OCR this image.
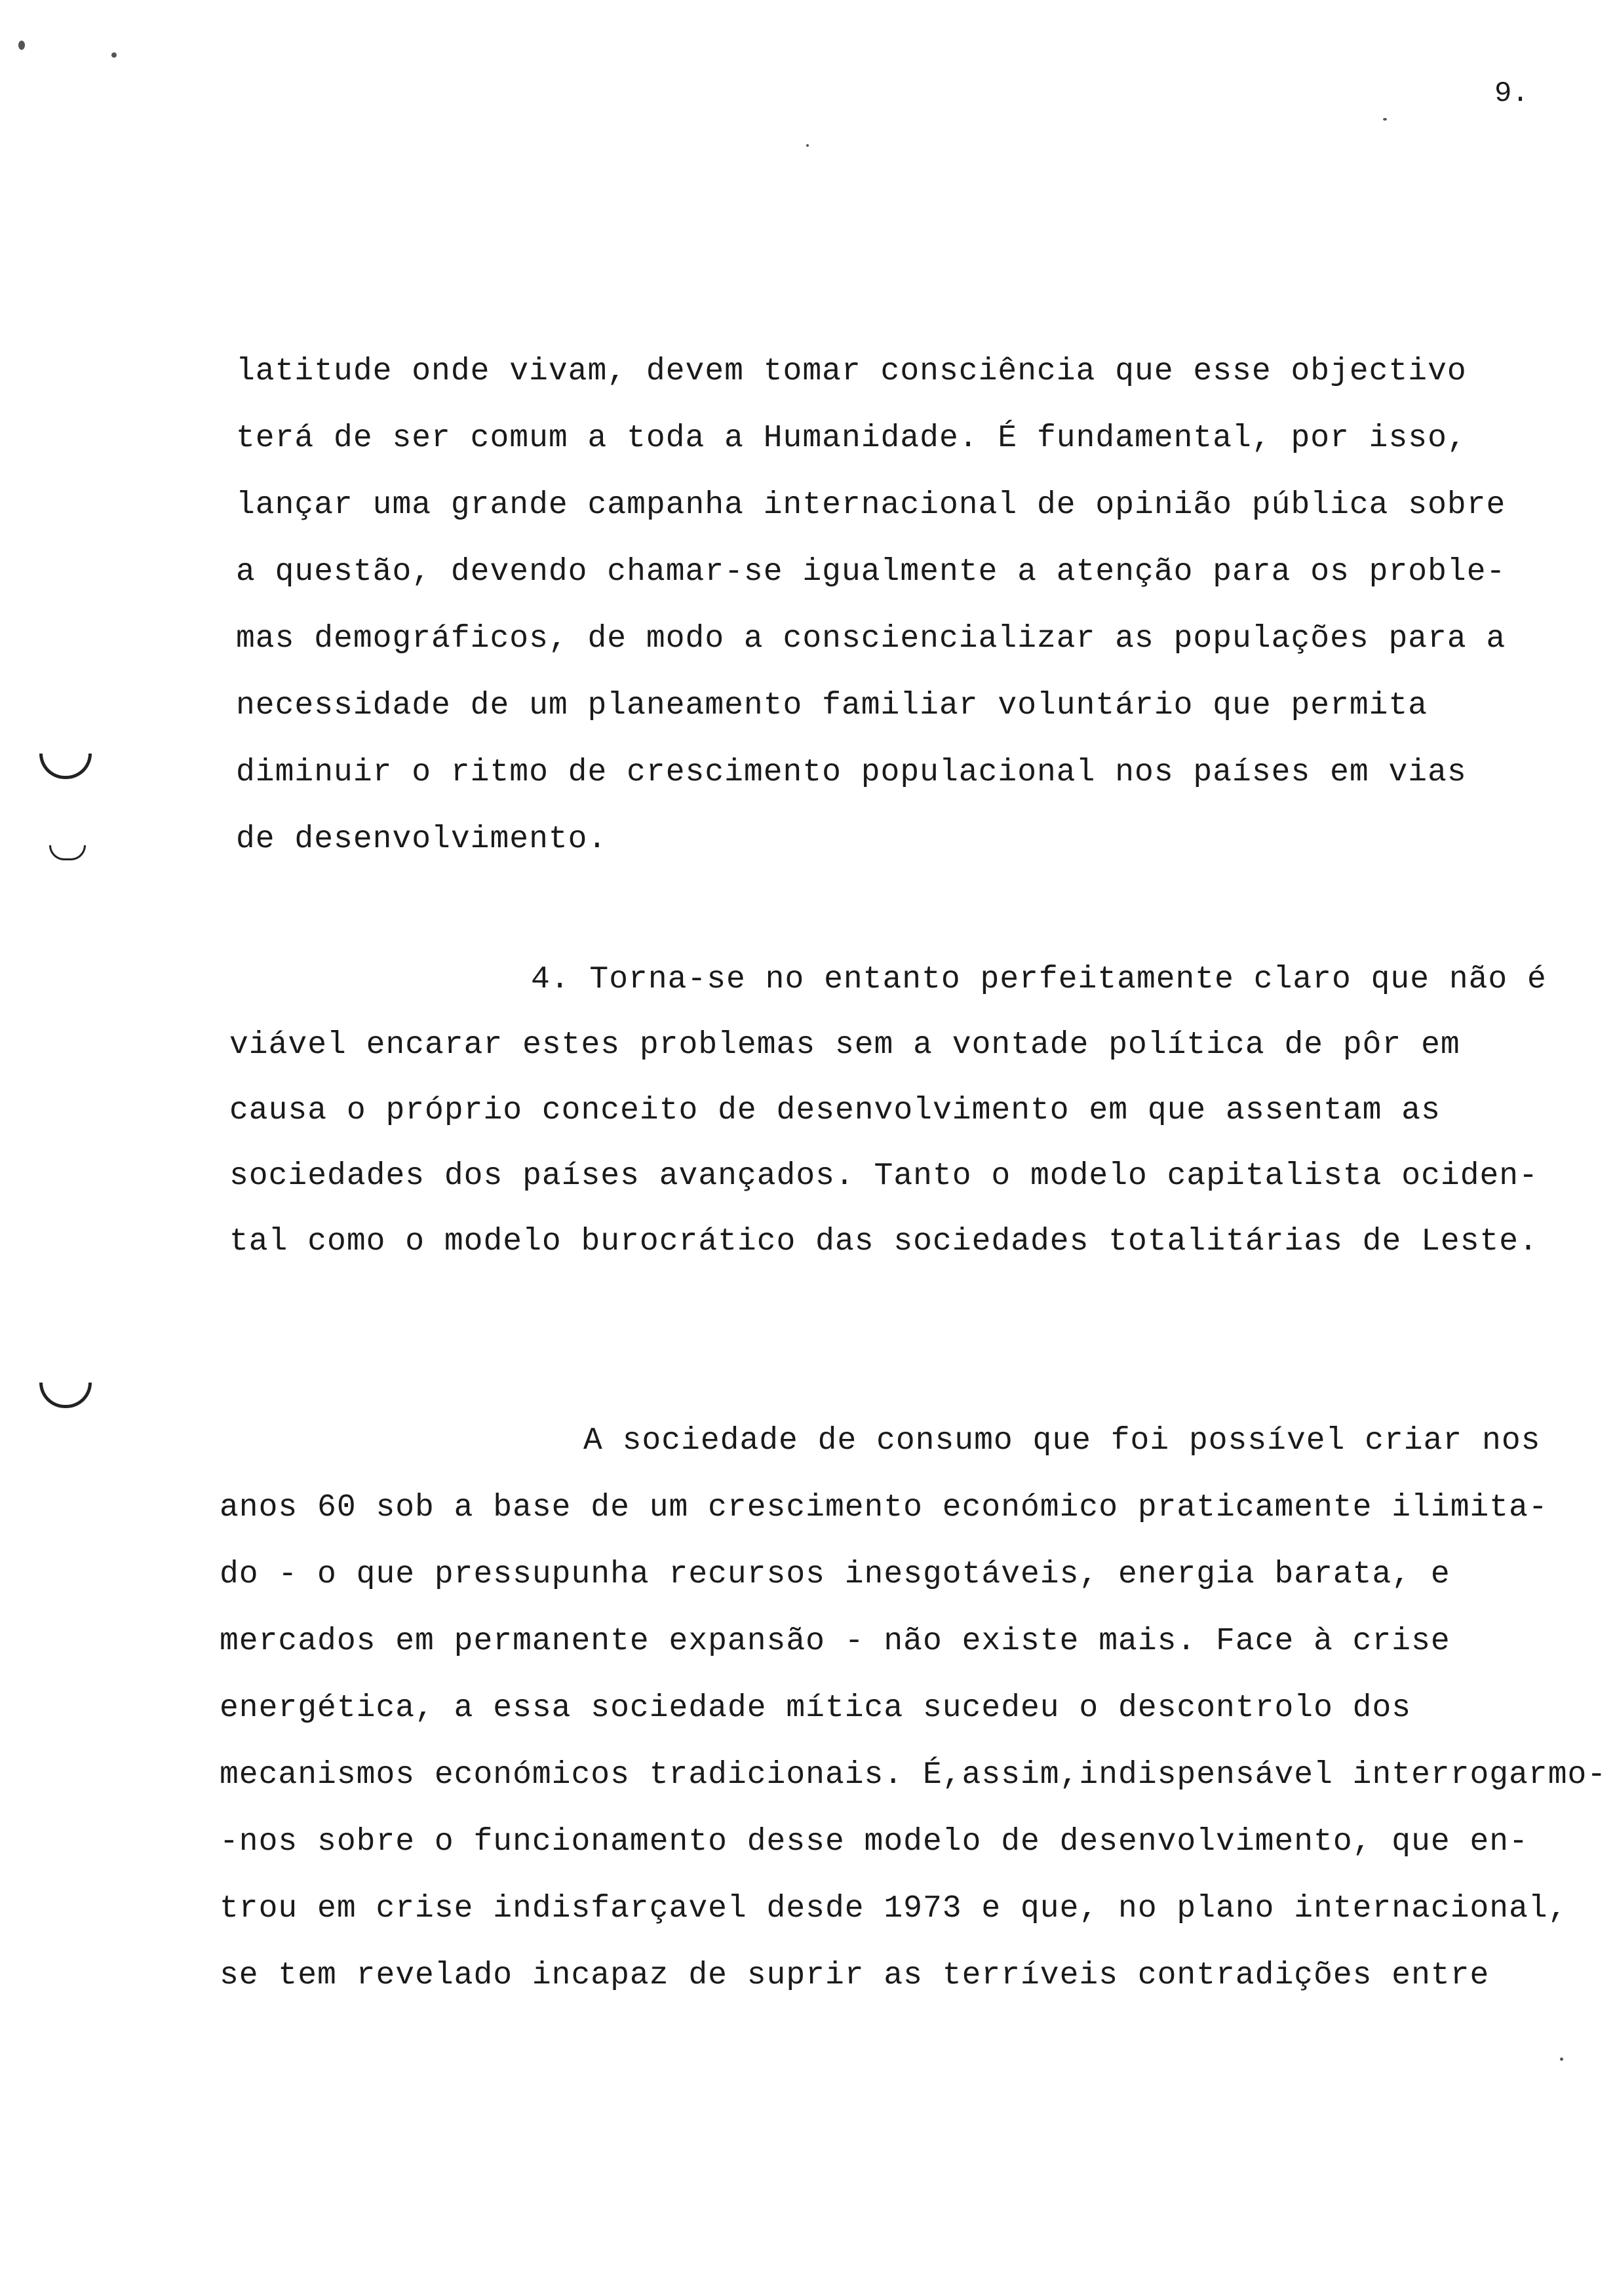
9.
latitude onde vivam, devem tomar consciência que esse objectivo
terá de ser comum a toda a Humanidade. É fundamental, por isso,
lançar uma grande campanha internacional de opinião pública sobre
a questão, devendo chamar-se igualmente a atenção para os proble-
mas demográficos, de modo a consciencializar as populações para a
necessidade de um planeamento familiar voluntário que permita
diminuir o ritmo de crescimento populacional nos países em vias
de desenvolvimento.
4. Torna-se no entanto perfeitamente claro que não é
viável encarar estes problemas sem a vontade política de pôr em
causa o próprio conceito de desenvolvimento em que assentam as
sociedades dos países avançados. Tanto o modelo capitalista ociden-
tal como o modelo burocrático das sociedades totalitárias de Leste.
A sociedade de consumo que foi possível criar nos
anos 60 sob a base de um crescimento económico praticamente ilimita-
do - o que pressupunha recursos inesgotáveis, energia barata, e
mercados em permanente expansão - não existe mais. Face à crise
energética, a essa sociedade mítica sucedeu o descontrolo dos
mecanismos económicos tradicionais. É,assim,indispensável interrogarmo-
-nos sobre o funcionamento desse modelo de desenvolvimento, que en-
trou em crise indisfarçavel desde 1973 e que, no plano internacional,
se tem revelado incapaz de suprir as terríveis contradições entre
